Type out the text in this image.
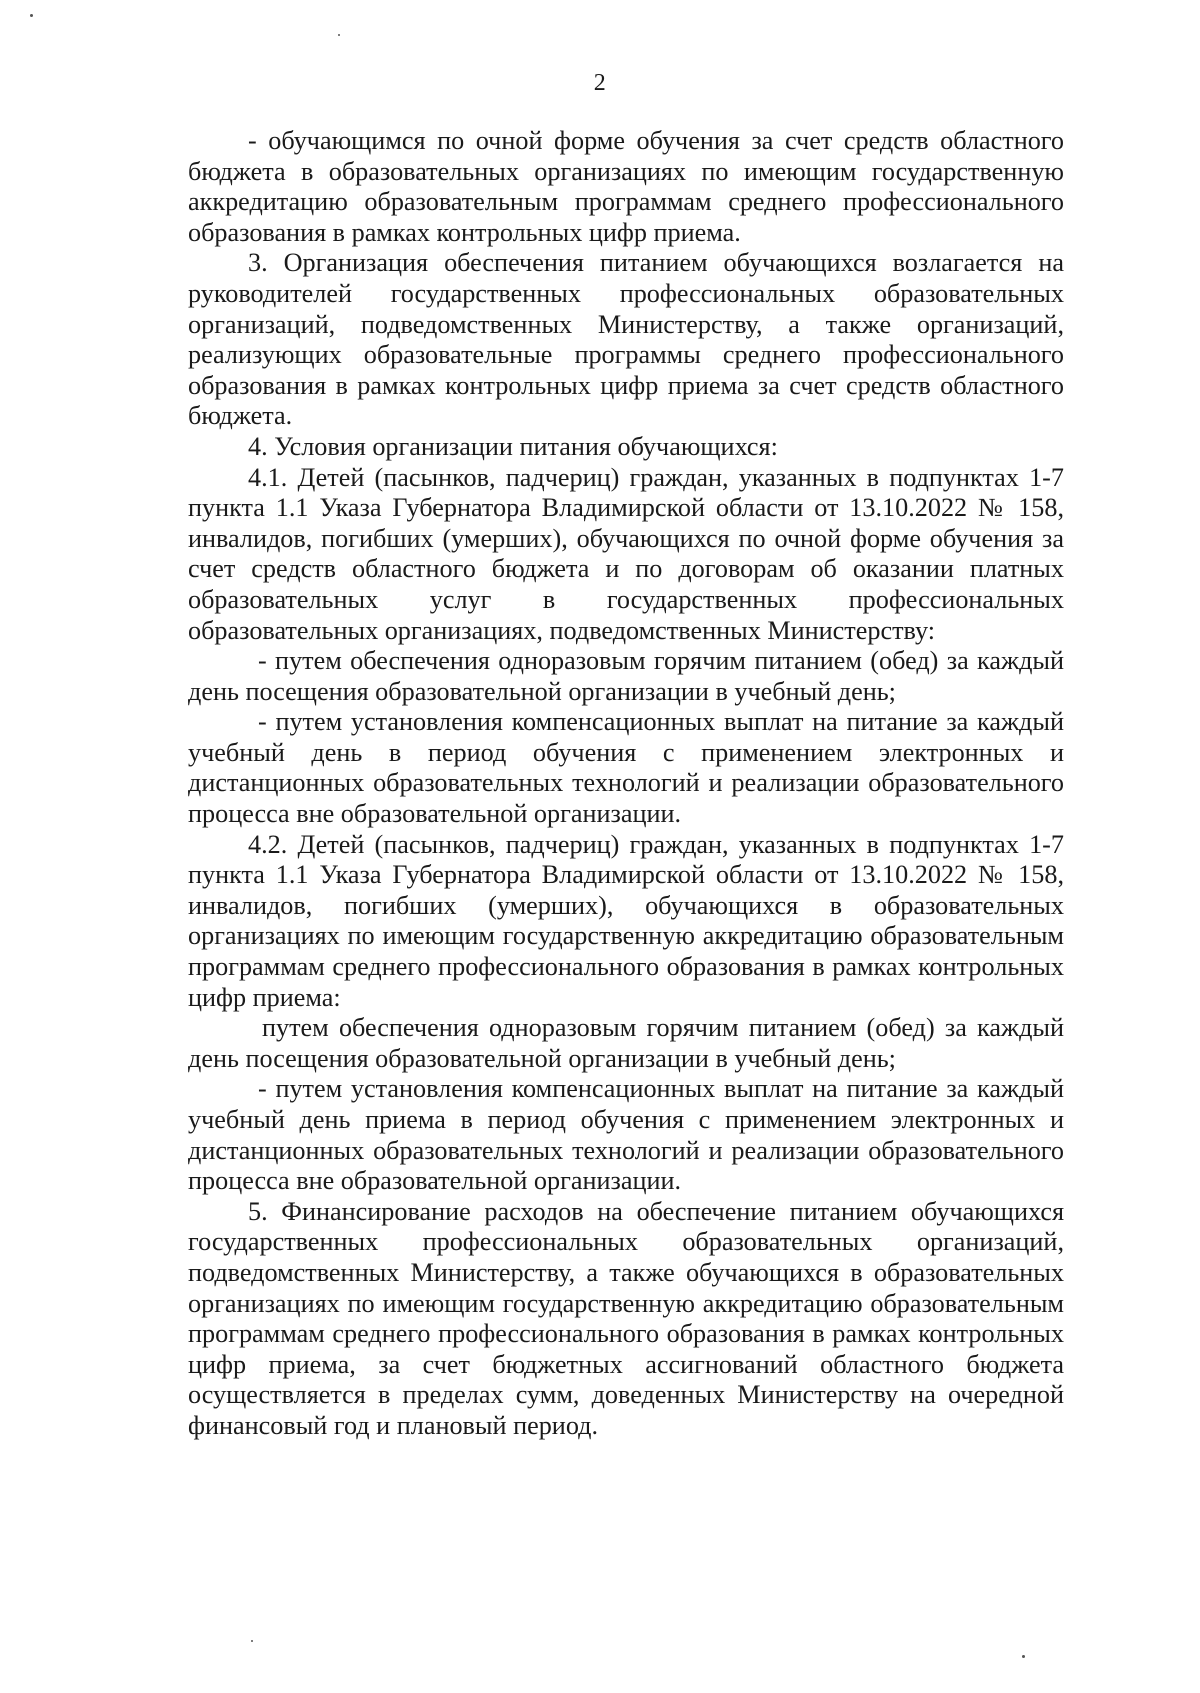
2

- обучающимся по очной форме обучения за счет средств областного бюджета в образовательных организациях по имеющим государственную аккредитацию образовательным программам среднего профессионального образования в рамках контрольных цифр приема.

3. Организация обеспечения питанием обучающихся возлагается на руководителей государственных профессиональных образовательных организаций, подведомственных Министерству, а также организаций, реализующих образовательные программы среднего профессионального образования в рамках контрольных цифр приема за счет средств областного бюджета.

4. Условия организации питания обучающихся:

4.1. Детей (пасынков, падчериц) граждан, указанных в подпунктах 1-7 пункта 1.1 Указа Губернатора Владимирской области от 13.10.2022 № 158, инвалидов, погибших (умерших), обучающихся по очной форме обучения за счет средств областного бюджета и по договорам об оказании платных образовательных услуг в государственных профессиональных образовательных организациях, подведомственных Министерству:

- путем обеспечения одноразовым горячим питанием (обед) за каждый день посещения образовательной организации в учебный день;

- путем установления компенсационных выплат на питание за каждый учебный день в период обучения с применением электронных и дистанционных образовательных технологий и реализации образовательного процесса вне образовательной организации.

4.2. Детей (пасынков, падчериц) граждан, указанных в подпунктах 1-7 пункта 1.1 Указа Губернатора Владимирской области от 13.10.2022 № 158, инвалидов, погибших (умерших), обучающихся в образовательных организациях по имеющим государственную аккредитацию образовательным программам среднего профессионального образования в рамках контрольных цифр приема:

путем обеспечения одноразовым горячим питанием (обед) за каждый день посещения образовательной организации в учебный день;

- путем установления компенсационных выплат на питание за каждый учебный день приема в период обучения с применением электронных и дистанционных образовательных технологий и реализации образовательного процесса вне образовательной организации.

5. Финансирование расходов на обеспечение питанием обучающихся государственных профессиональных образовательных организаций, подведомственных Министерству, а также обучающихся в образовательных организациях по имеющим государственную аккредитацию образовательным программам среднего профессионального образования в рамках контрольных цифр приема, за счет бюджетных ассигнований областного бюджета осуществляется в пределах сумм, доведенных Министерству на очередной финансовый год и плановый период.
